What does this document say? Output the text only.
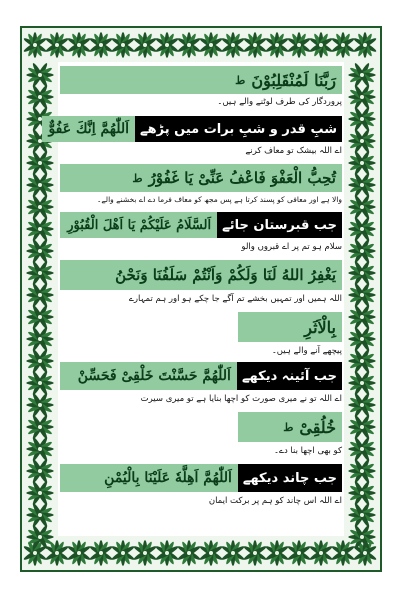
رَبَّنَا لَمُنْقَلِبُوْنَ
ط
پروردگار کی طرف لوٹنے والے ہیں۔
شبِ قدر و شبِ برات میں پڑھے
اَللّٰھُمَّ اِنَّكَ عَفُوٌّ
اے اللہ بیشک تو معاف کرنے
تُحِبُّ الْعَفْوَ فَاعْفُ عَنِّیْ یَا غَفُوْرُ
ط
والا ہے اور معافی کو پسند کرتا ہے پس مجھ کو معاف فرما دے اے بخشنے والے۔
جب قبرستان جائے
اَلسَّلَامُ عَلَیْكُمْ یَا اَھْلَ الْقُبُوْرِ
سلام ہو تم پر اے قبروں والو
یَغْفِرُ اللهُ لَنَا وَلَكُمْ وَاَنْتُمْ سَلَفُنَا وَنَحْنُ
اللہ ہمیں اور تمہیں بخشے تم آگے جا چکے ہو اور ہم تمہارے
بِالْاَثَرِ
پیچھے آنے والے ہیں۔
جب آئینہ دیکھے
اَللّٰھُمَّ حَسَّنْتَ خَلْقِیْ فَحَسِّنْ
اے اللہ تو نے میری صورت کو اچھا بنایا ہے تو میری سیرت
خُلُقِیْ
ط
کو بھی اچھا بنا دے۔
جب چاند دیکھے
اَللّٰھُمَّ اَھِلَّهٗ عَلَیْنَا بِالْیُمْنِ
اے اللہ اس چاند کو ہم پر برکت ایمان
